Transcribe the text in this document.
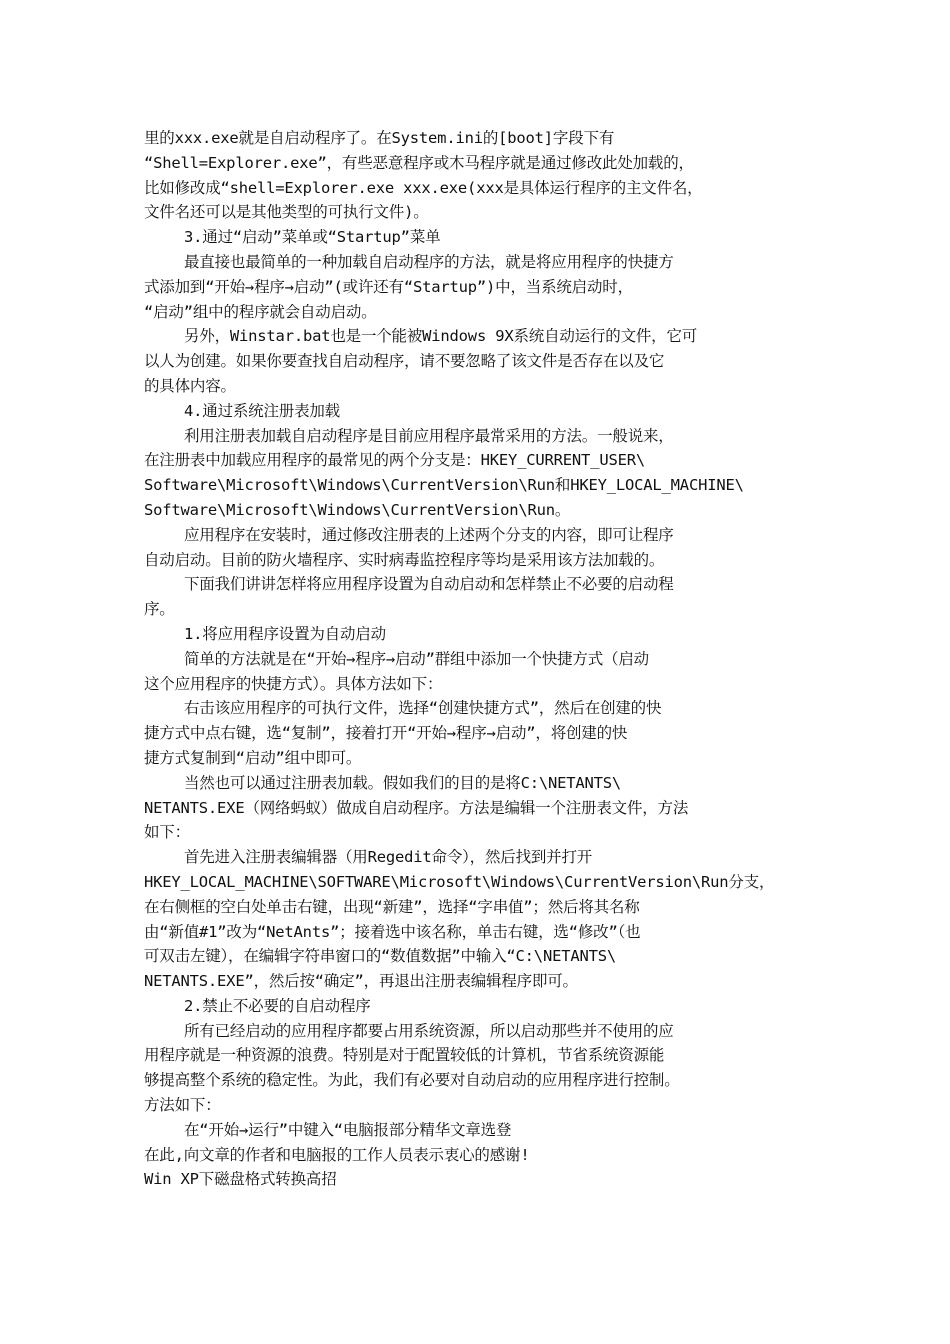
里的xxx.exe就是自启动程序了。在System.ini的[boot]字段下有
“Shell=Explorer.exe”，有些恶意程序或木马程序就是通过修改此处加载的，
比如修改成“shell=Explorer.exe xxx.exe(xxx是具体运行程序的主文件名，
文件名还可以是其他类型的可执行文件)。
3.通过“启动”菜单或“Startup”菜单
最直接也最简单的一种加载自启动程序的方法，就是将应用程序的快捷方
式添加到“开始→程序→启动”(或许还有“Startup”)中，当系统启动时，
“启动”组中的程序就会自动启动。
另外，Winstar.bat也是一个能被Windows 9X系统自动运行的文件，它可
以人为创建。如果你要查找自启动程序，请不要忽略了该文件是否存在以及它
的具体内容。
4.通过系统注册表加载
利用注册表加载自启动程序是目前应用程序最常采用的方法。一般说来，
在注册表中加载应用程序的最常见的两个分支是：HKEY_CURRENT_USER\
Software\Microsoft\Windows\CurrentVersion\Run和HKEY_LOCAL_MACHINE\
Software\Microsoft\Windows\CurrentVersion\Run。
应用程序在安装时，通过修改注册表的上述两个分支的内容，即可让程序
自动启动。目前的防火墙程序、实时病毒监控程序等均是采用该方法加载的。
下面我们讲讲怎样将应用程序设置为自动启动和怎样禁止不必要的启动程
序。
1.将应用程序设置为自动启动
简单的方法就是在“开始→程序→启动”群组中添加一个快捷方式（启动
这个应用程序的快捷方式）。具体方法如下：
右击该应用程序的可执行文件，选择“创建快捷方式”，然后在创建的快
捷方式中点右键，选“复制”，接着打开“开始→程序→启动”，将创建的快
捷方式复制到“启动”组中即可。
当然也可以通过注册表加载。假如我们的目的是将C:\NETANTS\
NETANTS.EXE（网络蚂蚁）做成自启动程序。方法是编辑一个注册表文件，方法
如下：
首先进入注册表编辑器（用Regedit命令），然后找到并打开
HKEY_LOCAL_MACHINE\SOFTWARE\Microsoft\Windows\CurrentVersion\Run分支，
在右侧框的空白处单击右键，出现“新建”，选择“字串值”；然后将其名称
由“新值#1”改为“NetAnts”；接着选中该名称，单击右键，选“修改”（也
可双击左键），在编辑字符串窗口的“数值数据”中输入“C:\NETANTS\
NETANTS.EXE”，然后按“确定”，再退出注册表编辑程序即可。
2.禁止不必要的自启动程序
所有已经启动的应用程序都要占用系统资源，所以启动那些并不使用的应
用程序就是一种资源的浪费。特别是对于配置较低的计算机，节省系统资源能
够提高整个系统的稳定性。为此，我们有必要对自动启动的应用程序进行控制。
方法如下：
在“开始→运行”中键入“电脑报部分精华文章选登
在此,向文章的作者和电脑报的工作人员表示衷心的感谢!
Win XP下磁盘格式转换高招
